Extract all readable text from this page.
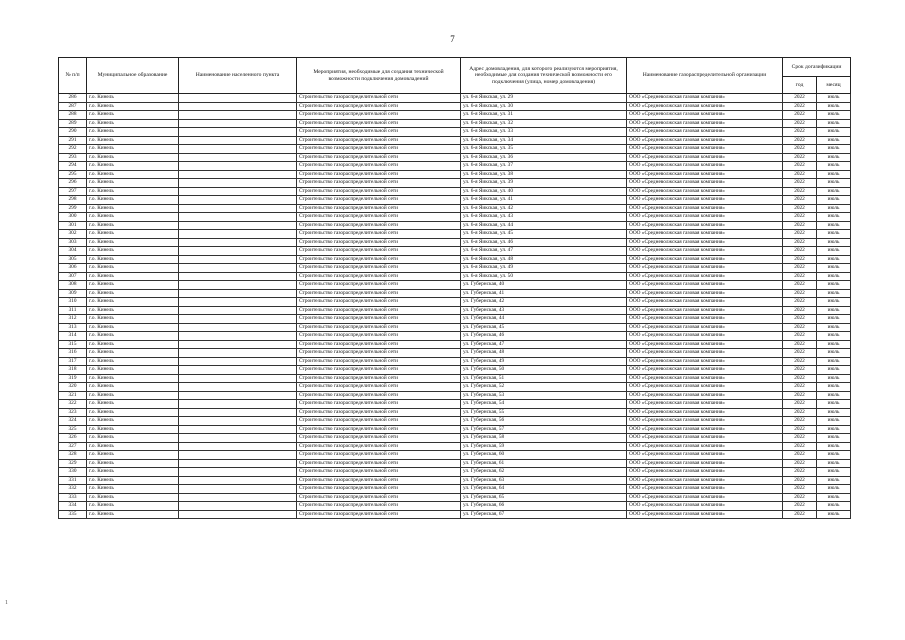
1
7
№ п/п	Муниципальное образование	Наименование населенного пункта	Мероприятия, необходимые для создания технической возможности подключения домовладений	Адрес домовладения, для которого реализуются мероприятия, необходимые для создания технической возможности его подключения (улица, номер домовладения)	Наименование газораспределительной организации	Срок догазификации	
						год	месяц
286	г.о. Кинель		Строительство газораспределительной сети	ул. 6-я Яикская, ул. 29	ООО «Средневолжская газовая компания»	2022	июль
287	г.о. Кинель		Строительство газораспределительной сети	ул. 6-я Яикская, ул. 30	ООО «Средневолжская газовая компания»	2022	июль
288	г.о. Кинель		Строительство газораспределительной сети	ул. 6-я Яикская, ул. 31	ООО «Средневолжская газовая компания»	2022	июль
289	г.о. Кинель		Строительство газораспределительной сети	ул. 6-я Яикская, ул. 32	ООО «Средневолжская газовая компания»	2022	июль
290	г.о. Кинель		Строительство газораспределительной сети	ул. 6-я Яикская, ул. 33	ООО «Средневолжская газовая компания»	2022	июль
291	г.о. Кинель		Строительство газораспределительной сети	ул. 6-я Яикская, ул. 34	ООО «Средневолжская газовая компания»	2022	июль
292	г.о. Кинель		Строительство газораспределительной сети	ул. 6-я Яикская, ул. 35	ООО «Средневолжская газовая компания»	2022	июль
293	г.о. Кинель		Строительство газораспределительной сети	ул. 6-я Яикская, ул. 36	ООО «Средневолжская газовая компания»	2022	июль
294	г.о. Кинель		Строительство газораспределительной сети	ул. 6-я Яикская, ул. 37	ООО «Средневолжская газовая компания»	2022	июль
295	г.о. Кинель		Строительство газораспределительной сети	ул. 6-я Яикская, ул. 38	ООО «Средневолжская газовая компания»	2022	июль
296	г.о. Кинель		Строительство газораспределительной сети	ул. 6-я Яикская, ул. 39	ООО «Средневолжская газовая компания»	2022	июль
297	г.о. Кинель		Строительство газораспределительной сети	ул. 6-я Яикская, ул. 40	ООО «Средневолжская газовая компания»	2022	июль
298	г.о. Кинель		Строительство газораспределительной сети	ул. 6-я Яикская, ул. 41	ООО «Средневолжская газовая компания»	2022	июль
299	г.о. Кинель		Строительство газораспределительной сети	ул. 6-я Яикская, ул. 42	ООО «Средневолжская газовая компания»	2022	июль
300	г.о. Кинель		Строительство газораспределительной сети	ул. 6-я Яикская, ул. 43	ООО «Средневолжская газовая компания»	2022	июль
301	г.о. Кинель		Строительство газораспределительной сети	ул. 6-я Яикская, ул. 44	ООО «Средневолжская газовая компания»	2022	июль
302	г.о. Кинель		Строительство газораспределительной сети	ул. 6-я Яикская, ул. 45	ООО «Средневолжская газовая компания»	2022	июль
303	г.о. Кинель		Строительство газораспределительной сети	ул. 6-я Яикская, ул. 46	ООО «Средневолжская газовая компания»	2022	июль
304	г.о. Кинель		Строительство газораспределительной сети	ул. 6-я Яикская, ул. 47	ООО «Средневолжская газовая компания»	2022	июль
305	г.о. Кинель		Строительство газораспределительной сети	ул. 6-я Яикская, ул. 48	ООО «Средневолжская газовая компания»	2022	июль
306	г.о. Кинель		Строительство газораспределительной сети	ул. 6-я Яикская, ул. 49	ООО «Средневолжская газовая компания»	2022	июль
307	г.о. Кинель		Строительство газораспределительной сети	ул. 6-я Яикская, ул. 50	ООО «Средневолжская газовая компания»	2022	июль
308	г.о. Кинель		Строительство газораспределительной сети	ул. Губернская, 40	ООО «Средневолжская газовая компания»	2022	июль
309	г.о. Кинель		Строительство газораспределительной сети	ул. Губернская, 41	ООО «Средневолжская газовая компания»	2022	июль
310	г.о. Кинель		Строительство газораспределительной сети	ул. Губернская, 42	ООО «Средневолжская газовая компания»	2022	июль
311	г.о. Кинель		Строительство газораспределительной сети	ул. Губернская, 43	ООО «Средневолжская газовая компания»	2022	июль
312	г.о. Кинель		Строительство газораспределительной сети	ул. Губернская, 44	ООО «Средневолжская газовая компания»	2022	июль
313	г.о. Кинель		Строительство газораспределительной сети	ул. Губернская, 45	ООО «Средневолжская газовая компания»	2022	июль
314	г.о. Кинель		Строительство газораспределительной сети	ул. Губернская, 46	ООО «Средневолжская газовая компания»	2022	июль
315	г.о. Кинель		Строительство газораспределительной сети	ул. Губернская, 47	ООО «Средневолжская газовая компания»	2022	июль
316	г.о. Кинель		Строительство газораспределительной сети	ул. Губернская, 48	ООО «Средневолжская газовая компания»	2022	июль
317	г.о. Кинель		Строительство газораспределительной сети	ул. Губернская, 49	ООО «Средневолжская газовая компания»	2022	июль
318	г.о. Кинель		Строительство газораспределительной сети	ул. Губернская, 50	ООО «Средневолжская газовая компания»	2022	июль
319	г.о. Кинель		Строительство газораспределительной сети	ул. Губернская, 51	ООО «Средневолжская газовая компания»	2022	июль
320	г.о. Кинель		Строительство газораспределительной сети	ул. Губернская, 52	ООО «Средневолжская газовая компания»	2022	июль
321	г.о. Кинель		Строительство газораспределительной сети	ул. Губернская, 53	ООО «Средневолжская газовая компания»	2022	июль
322	г.о. Кинель		Строительство газораспределительной сети	ул. Губернская, 54	ООО «Средневолжская газовая компания»	2022	июль
323	г.о. Кинель		Строительство газораспределительной сети	ул. Губернская, 55	ООО «Средневолжская газовая компания»	2022	июль
324	г.о. Кинель		Строительство газораспределительной сети	ул. Губернская, 56	ООО «Средневолжская газовая компания»	2022	июль
325	г.о. Кинель		Строительство газораспределительной сети	ул. Губернская, 57	ООО «Средневолжская газовая компания»	2022	июль
326	г.о. Кинель		Строительство газораспределительной сети	ул. Губернская, 58	ООО «Средневолжская газовая компания»	2022	июль
327	г.о. Кинель		Строительство газораспределительной сети	ул. Губернская, 59	ООО «Средневолжская газовая компания»	2022	июль
328	г.о. Кинель		Строительство газораспределительной сети	ул. Губернская, 60	ООО «Средневолжская газовая компания»	2022	июль
329	г.о. Кинель		Строительство газораспределительной сети	ул. Губернская, 61	ООО «Средневолжская газовая компания»	2022	июль
330	г.о. Кинель		Строительство газораспределительной сети	ул. Губернская, 62	ООО «Средневолжская газовая компания»	2022	июль
331	г.о. Кинель		Строительство газораспределительной сети	ул. Губернская, 63	ООО «Средневолжская газовая компания»	2022	июль
332	г.о. Кинель		Строительство газораспределительной сети	ул. Губернская, 64	ООО «Средневолжская газовая компания»	2022	июль
333	г.о. Кинель		Строительство газораспределительной сети	ул. Губернская, 65	ООО «Средневолжская газовая компания»	2022	июль
334	г.о. Кинель		Строительство газораспределительной сети	ул. Губернская, 66	ООО «Средневолжская газовая компания»	2022	июль
335	г.о. Кинель		Строительство газораспределительной сети	ул. Губернская, 67	ООО «Средневолжская газовая компания»	2022	июль
